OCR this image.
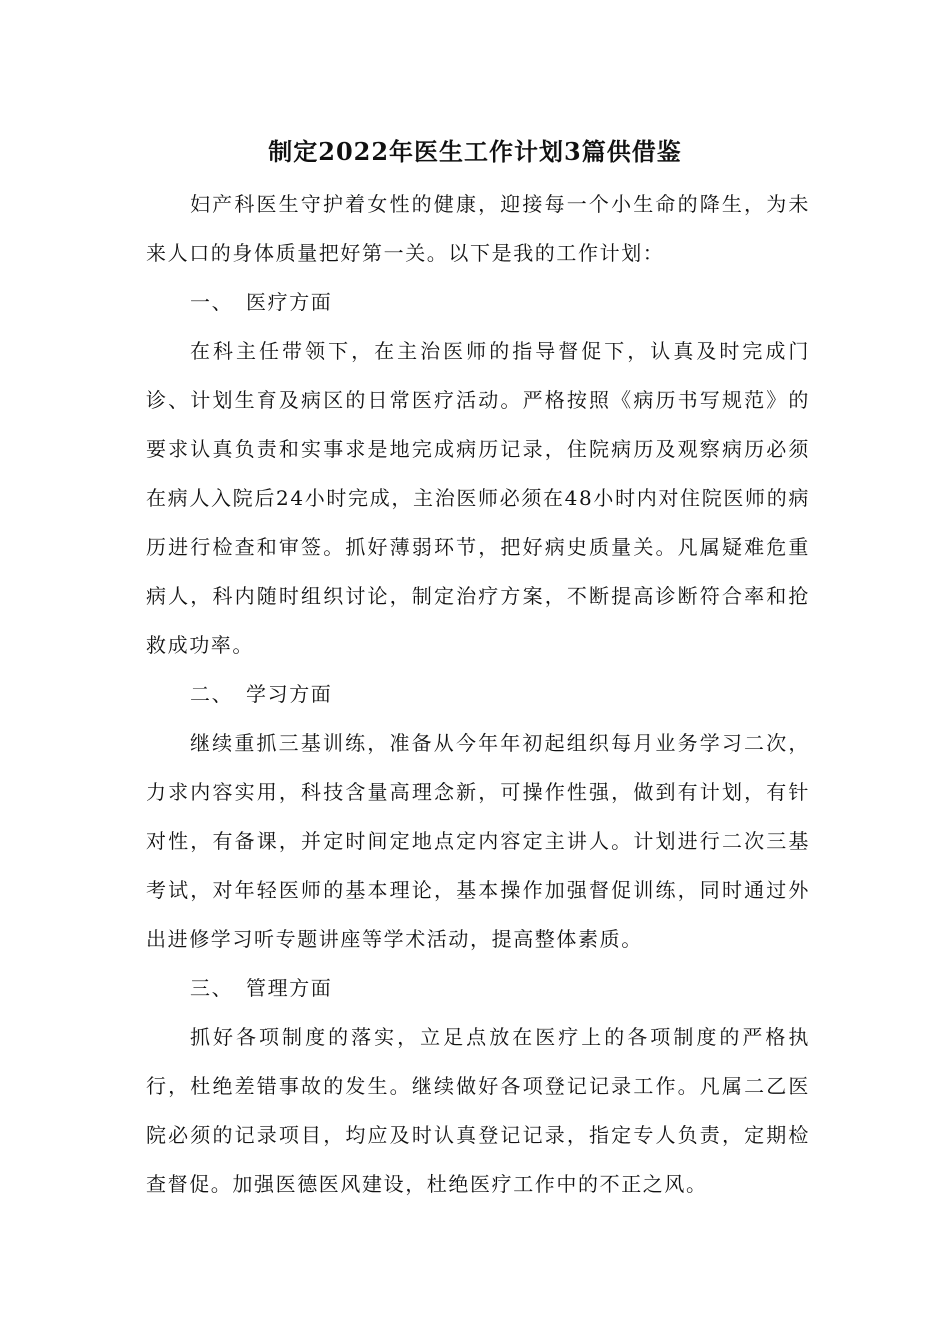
制定2022年医生工作计划3篇供借鉴

妇产科医生守护着女性的健康，迎接每一个小生命的降生，为未来人口的身体质量把好第一关。以下是我的工作计划：

一、 医疗方面

在科主任带领下，在主治医师的指导督促下，认真及时完成门诊、计划生育及病区的日常医疗活动。严格按照《病历书写规范》的要求认真负责和实事求是地完成病历记录，住院病历及观察病历必须在病人入院后24小时完成，主治医师必须在48小时内对住院医师的病历进行检查和审签。抓好薄弱环节，把好病史质量关。凡属疑难危重病人，科内随时组织讨论，制定治疗方案，不断提高诊断符合率和抢救成功率。

二、 学习方面

继续重抓三基训练，准备从今年年初起组织每月业务学习二次，力求内容实用，科技含量高理念新，可操作性强，做到有计划，有针对性，有备课，并定时间定地点定内容定主讲人。计划进行二次三基考试，对年轻医师的基本理论，基本操作加强督促训练，同时通过外出进修学习听专题讲座等学术活动，提高整体素质。

三、 管理方面

抓好各项制度的落实，立足点放在医疗上的各项制度的严格执行，杜绝差错事故的发生。继续做好各项登记记录工作。凡属二乙医院必须的记录项目，均应及时认真登记记录，指定专人负责，定期检查督促。加强医德医风建设，杜绝医疗工作中的不正之风。
